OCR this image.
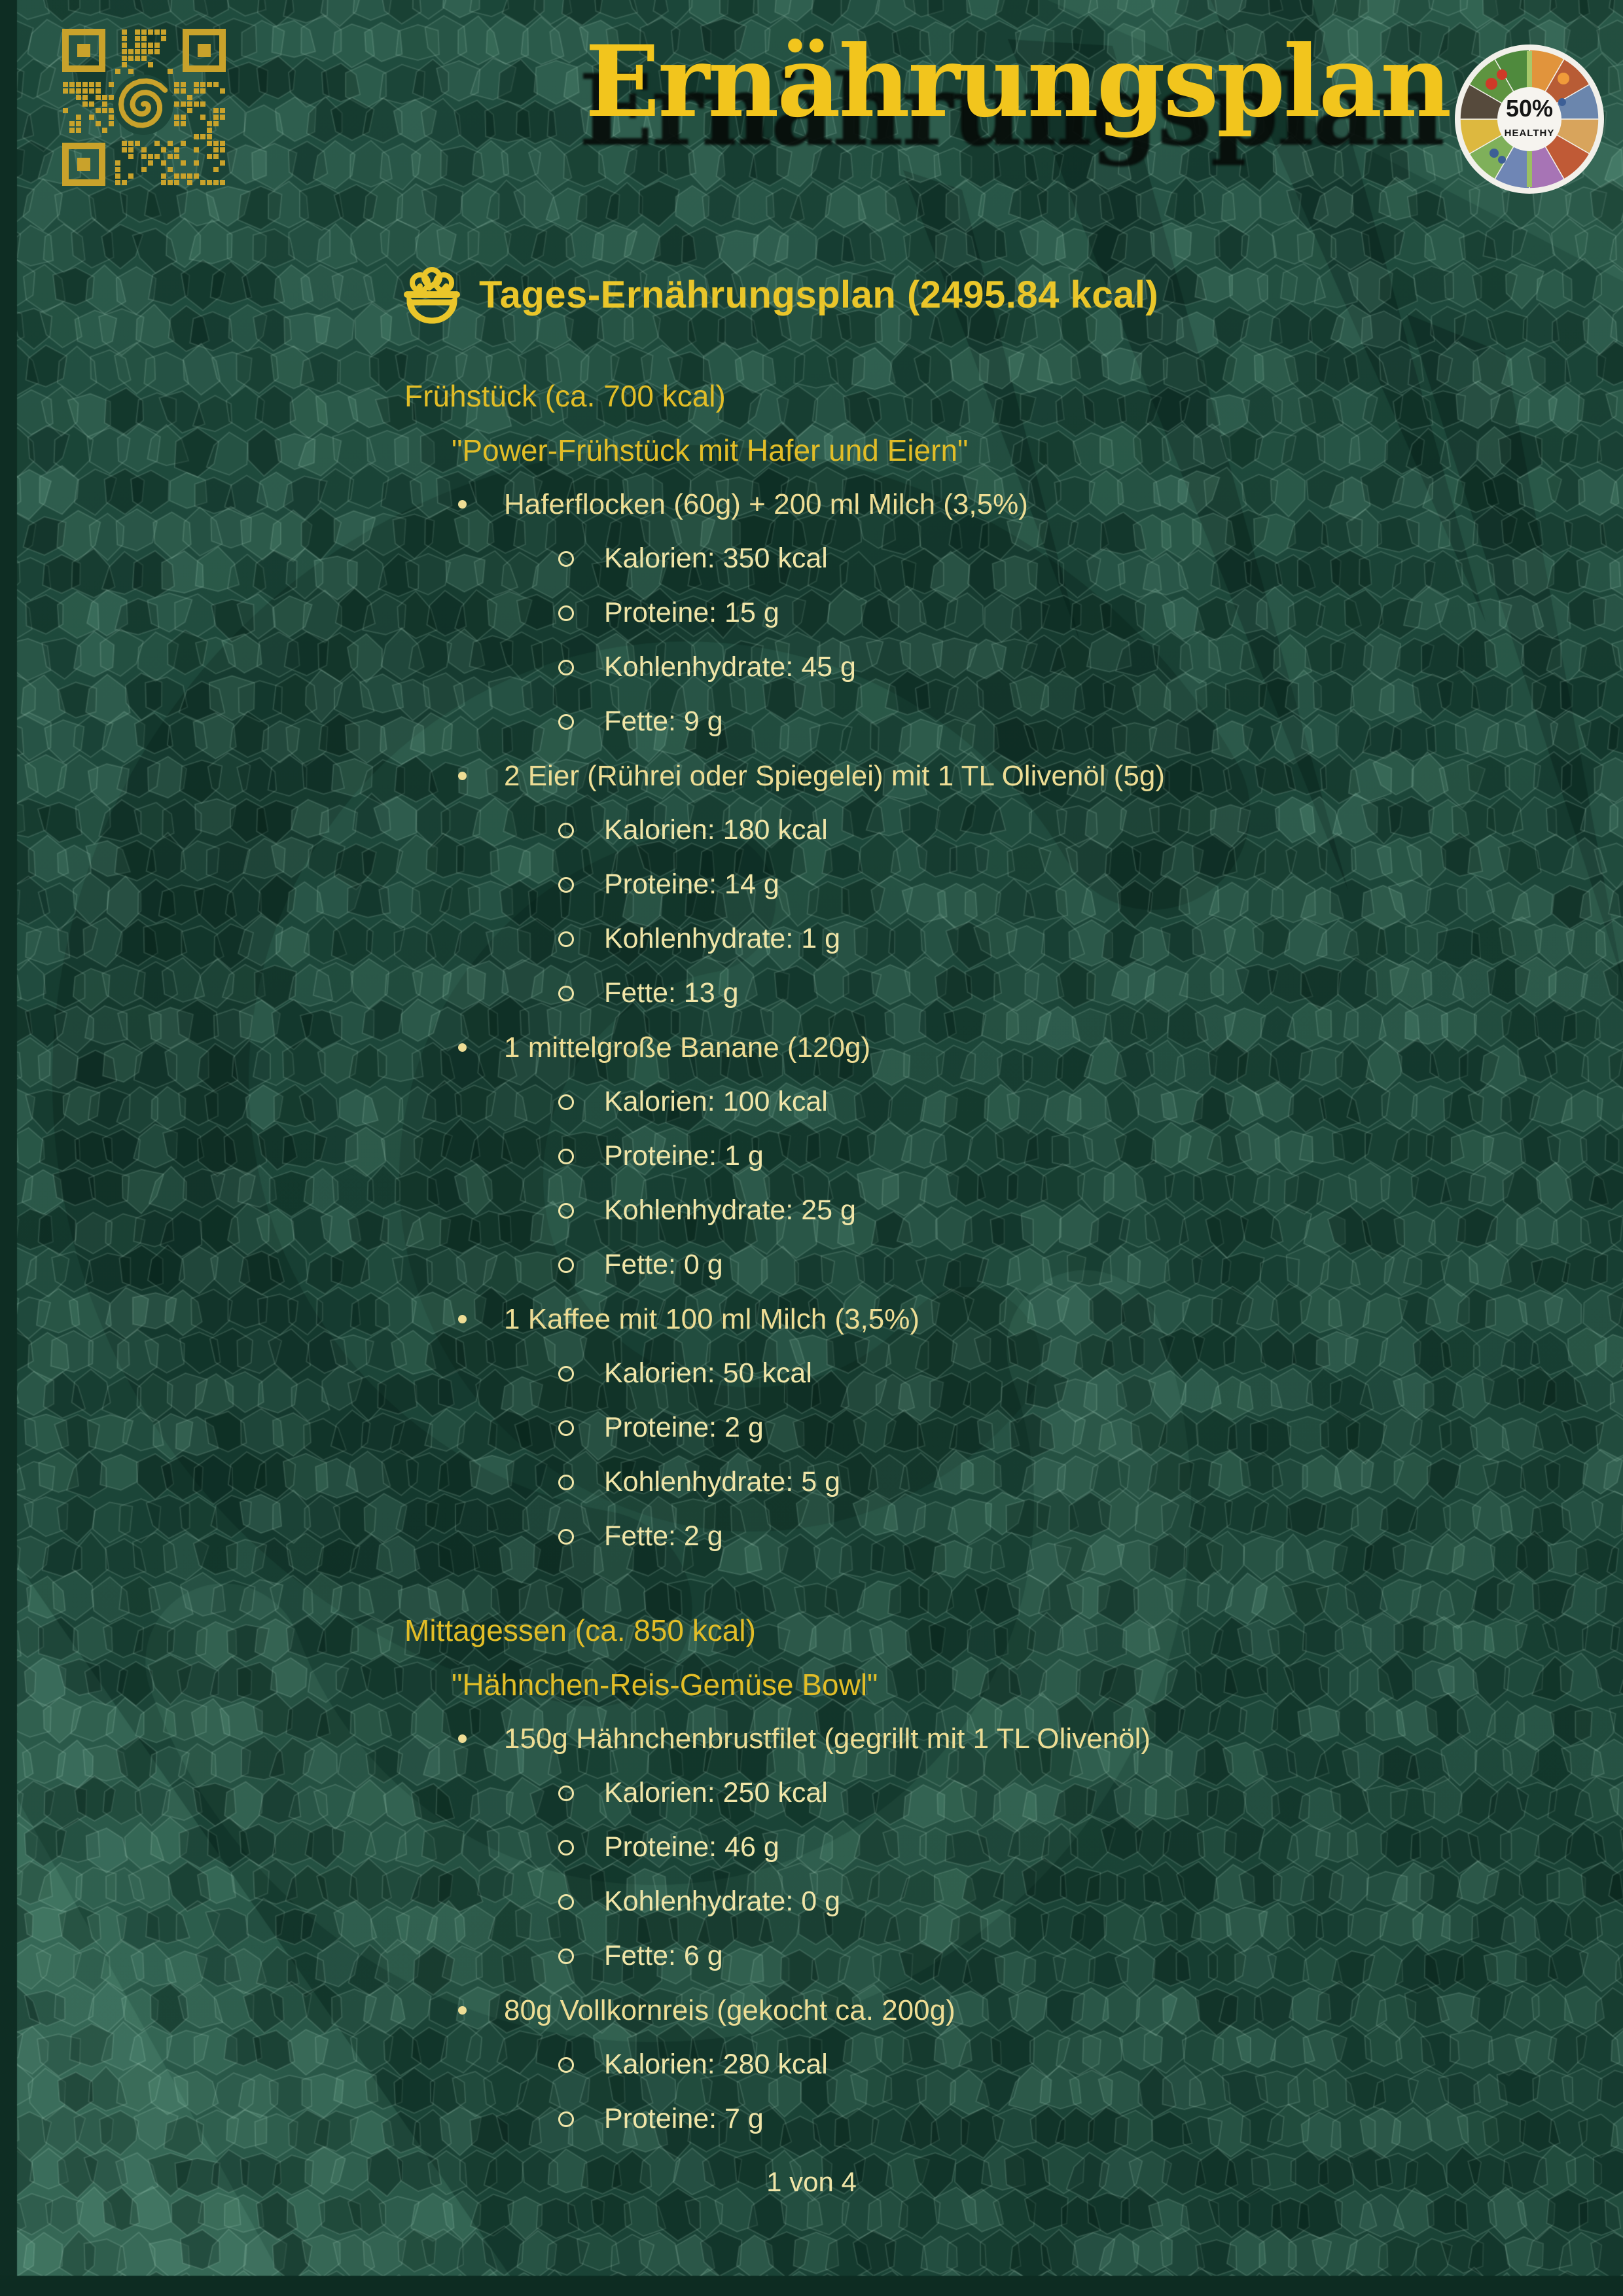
Ernährungsplan 50%
HEALTHY
Tages-Ernährungsplan (2495.84 kcal)
Frühstück (ca. 700 kcal)
"Power-Frühstück mit Hafer und Eiern"
Haferflocken (60g) + 200 ml Milch (3,5%)
Kalorien: 350 kcal
Proteine: 15 g
Kohlenhydrate: 45 g
Fette: 9 g
2 Eier (Rührei oder Spiegelei) mit 1 TL Olivenöl (5g)
Kalorien: 180 kcal
Proteine: 14 g
Kohlenhydrate: 1 g
Fette: 13 g
1 mittelgroße Banane (120g)
Kalorien: 100 kcal
Proteine: 1 g
Kohlenhydrate: 25 g
Fette: 0 g
1 Kaffee mit 100 ml Milch (3,5%)
Kalorien: 50 kcal
Proteine: 2 g
Kohlenhydrate: 5 g
Fette: 2 g
Mittagessen (ca. 850 kcal)
"Hähnchen-Reis-Gemüse Bowl"
150g Hähnchenbrustfilet (gegrillt mit 1 TL Olivenöl)
Kalorien: 250 kcal
Proteine: 46 g
Kohlenhydrate: 0 g
Fette: 6 g
80g Vollkornreis (gekocht ca. 200g)
Kalorien: 280 kcal
Proteine: 7 g
1 von 4
